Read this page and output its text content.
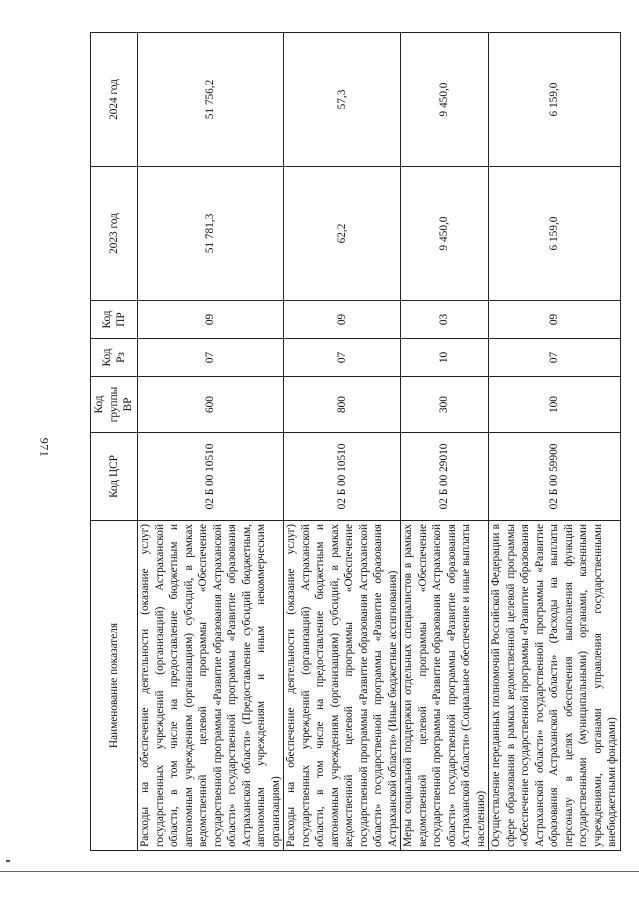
971
Наименование показателя	Код ЦСР	Код группы ВР	Код Рз	Код ПР	2023 год	2024 год
Расходы на обеспечение деятельности (оказание услуг) государственных учреждений (организаций) Астраханской области, в том числе на предоставление бюджетным и автономным учреждениям (организациям) субсидий, в рамках ведомственной целевой программы «Обеспечение государственной программы «Развитие образования Астраханской области» государственной программы «Развитие образования Астраханской области» (Предоставление субсидий бюджетным, автономным учреждениям и иным некоммерческим организациям)	02 Б 00 10510	600	07	09	51 781,3	51 756,2
Расходы на обеспечение деятельности (оказание услуг) государственных учреждений (организаций) Астраханской области, в том числе на предоставление бюджетным и автономным учреждениям (организациям) субсидий, в рамках ведомственной целевой программы «Обеспечение государственной программы «Развитие образования Астраханской области» государственной программы «Развитие образования Астраханской области» (Иные бюджетные ассигнования)	02 Б 00 10510	800	07	09	62,2	57,3
Меры социальной поддержки отдельных специалистов в рамках ведомственной целевой программы «Обеспечение государственной программы «Развитие образования Астраханской области» государственной программы «Развитие образования Астраханской области» (Социальное обеспечение и иные выплаты населению)	02 Б 00 29010	300	10	03	9 450,0	9 450,0
Осуществление переданных полномочий Российской Федерации в сфере образования в рамках ведомственной целевой программы «Обеспечение государственной программы «Развитие образования Астраханской области» государственной программы «Развитие образования Астраханской области» (Расходы на выплаты персоналу в целях обеспечения выполнения функций государственными (муниципальными) органами, казенными учреждениями, органами управления государственными внебюджетными фондами)	02 Б 00 59900	100	07	09	6 159,0	6 159,0
